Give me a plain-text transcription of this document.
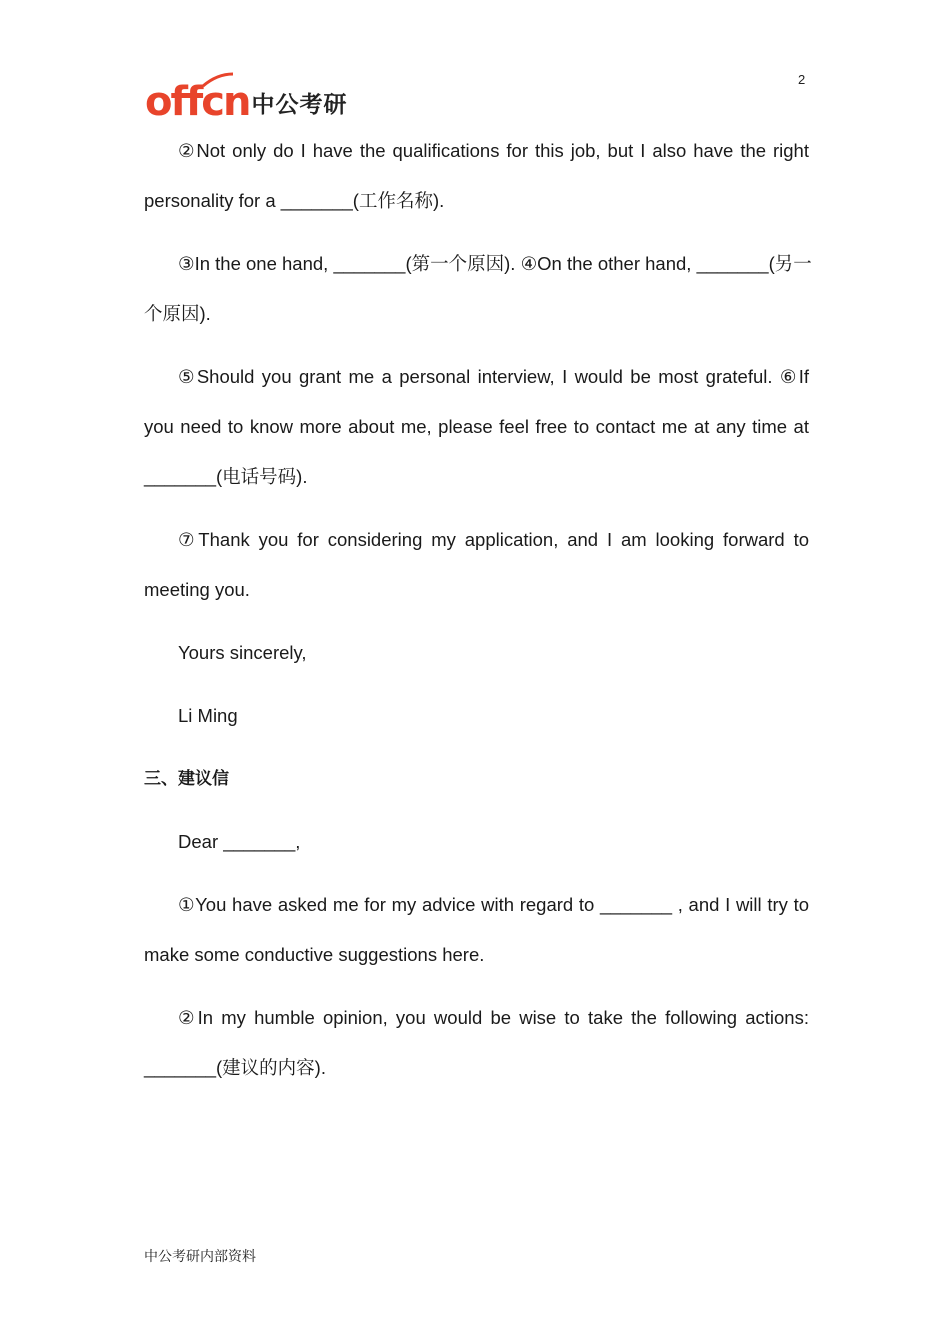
offcn 中公考研
2
②Not only do I have the qualifications for this job, but I also have the right
personality for a _______(工作名称).
③In the one hand, _______(第一个原因). ④On the other hand, _______(另一
个原因).
⑤Should you grant me a personal interview, I would be most grateful. ⑥If
you need to know more about me, please feel free to contact me at any time at
_______(电话号码).
⑦Thank you for considering my application, and I am looking forward to
meeting you.
Yours sincerely,
Li Ming
三、建议信
Dear _______,
①You have asked me for my advice with regard to _______ , and I will try to
make some conductive suggestions here.
②In my humble opinion, you would be wise to take the following actions:
_______(建议的内容).
中公考研内部资料
